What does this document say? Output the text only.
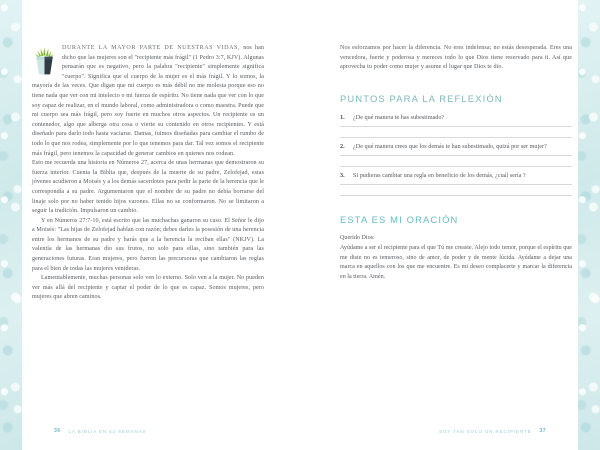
DURANTE LA MAYOR PARTE DE NUESTRAS VIDAS, nos han dicho que las mujeres son el "recipiente más frágil" (1 Pedro 3:7, KJV). Algunas pensarán que es negativo, pero la palabra "recipiente" simplemente significa "cuerpo". Significa que el cuerpo de la mujer es el más frágil. Y lo somos, la mayoría de las veces. Que digan que mi cuerpo es más débil no me molesta porque eso no tiene nada que ver con mi intelecto o mi fuerza de espíritu. No tiene nada que ver con lo que soy capaz de realizar, en el mundo laboral, como administradora o como maestra. Puede que mi cuerpo sea más frágil, pero soy fuerte en muchos otros aspectos. Un recipiente es un contenedor, algo que alberga otra cosa o vierte su contenido en otros recipientes. Y está diseñado para darlo todo hasta vaciarse. Damas, fuimos diseñadas para cambiar el rumbo de todo lo que nos rodea, simplemente por lo que tenemos para dar. Tal vez somos el recipiente más frágil, pero tenemos la capacidad de generar cambios en quienes nos rodean.

Esto me recuerda una historia en Números 27, acerca de unas hermanas que demostraron su fuerza interior. Cuenta la Biblia que, después de la muerte de su padre, Zelofejad, estas jóvenes acudieron a Moisés y a los demás sacerdotes para pedir la parte de la herencia que le correspondía a su padre. Argumentaron que el nombre de su padre no debía borrarse del linaje solo por no haber tenido hijos varones. Ellas no se conformaron. No se limitaron a seguir la tradición. Impulsaron un cambio.

Y en Números 27:7-10, está escrito que las muchachas ganaron su caso. El Señor le dijo a Moisés: "Las hijas de Zelofejad hablan con razón; debes darles la posesión de una herencia entre los hermanos de su padre y harás que a la herencia la reciban ellas" (NKJV). La valentía de las hermanas dio sus frutos, no solo para ellas, sino también para las generaciones futuras. Eran mujeres, pero fueron las precursoras que cambiaron las reglas para el bien de todas las mujeres venideras.

Lamentablemente, muchas personas solo ven lo externo. Solo ven a la mujer. No pueden ver más allá del recipiente y captar el poder de lo que es capaz. Somos mujeres, pero mujeres que abren caminos.

36 LA BIBLIA EN 52 SEMANAS

Nos esforzamos por hacer la diferencia. No eres indefensa; no estás desesperada. Eres una vencedora, fuerte y poderosa y mereces todo lo que Dios tiene reservado para ti. Así que aprovecha tu poder como mujer y asume el lugar que Dios te dio.

PUNTOS PARA LA REFLEXIÓN
1.	¿De qué manera te has subestimado?
2.	¿De qué manera crees que los demás te han subestimado, quizá por ser mujer?
3.	Si pudieras cambiar una regla en beneficio de los demás, ¿cuál sería ?
ESTA ES MI ORACIÓN

Querido Dios:

Ayúdame a ser el recipiente para el que Tú me creaste. Alejo todo temor, porque el espíritu que me diste no es temeroso, sino de amor, de poder y de mente lúcida. Ayúdame a dejar una marca en aquellos con los que me encuentre. Es mi deseo complacerte y marcar la diferencia en la tierra. Amén.

SOY TAN SOLO UN RECIPIENTE 37
